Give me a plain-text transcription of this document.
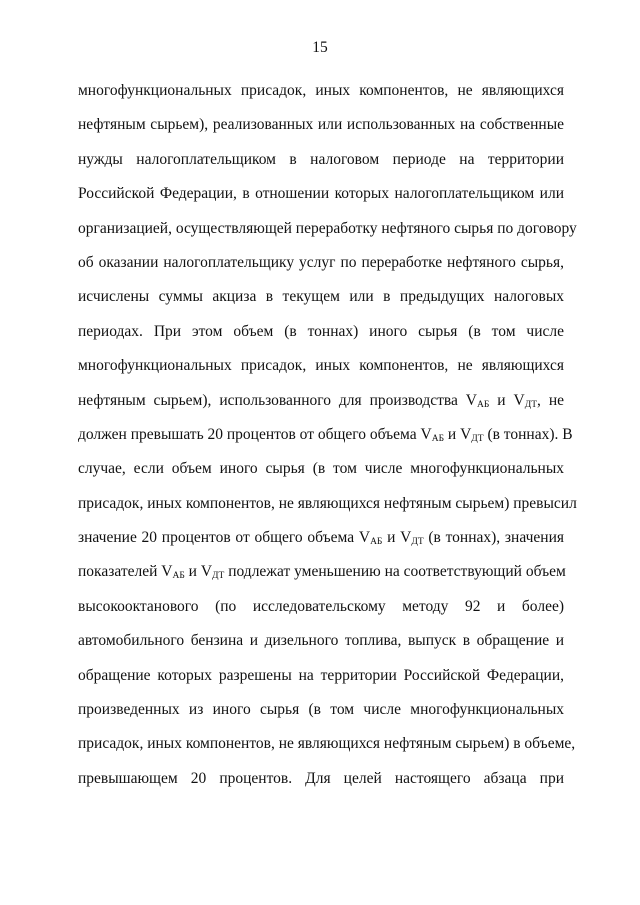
15
многофункциональных присадок, иных компонентов, не являющихся
нефтяным сырьем), реализованных или использованных на собственные
нужды налогоплательщиком в налоговом периоде на территории
Российской Федерации, в отношении которых налогоплательщиком или
организацией, осуществляющей переработку нефтяного сырья по договору
об оказании налогоплательщику услуг по переработке нефтяного сырья,
исчислены суммы акциза в текущем или в предыдущих налоговых
периодах. При этом объем (в тоннах) иного сырья (в том числе
многофункциональных присадок, иных компонентов, не являющихся
нефтяным сырьем), использованного для производства $V_{АБ}$ и $V_{ДТ}$, не
должен превышать 20 процентов от общего объема $V_{АБ}$ и $V_{ДТ}$ (в тоннах). В
случае, если объем иного сырья (в том числе многофункциональных
присадок, иных компонентов, не являющихся нефтяным сырьем) превысил
значение 20 процентов от общего объема $V_{АБ}$ и $V_{ДТ}$ (в тоннах), значения
показателей $V_{АБ}$ и $V_{ДТ}$ подлежат уменьшению на соответствующий объем
высокооктанового (по исследовательскому методу 92 и более)
автомобильного бензина и дизельного топлива, выпуск в обращение и
обращение которых разрешены на территории Российской Федерации,
произведенных из иного сырья (в том числе многофункциональных
присадок, иных компонентов, не являющихся нефтяным сырьем) в объеме,
превышающем 20 процентов. Для целей настоящего абзаца при
